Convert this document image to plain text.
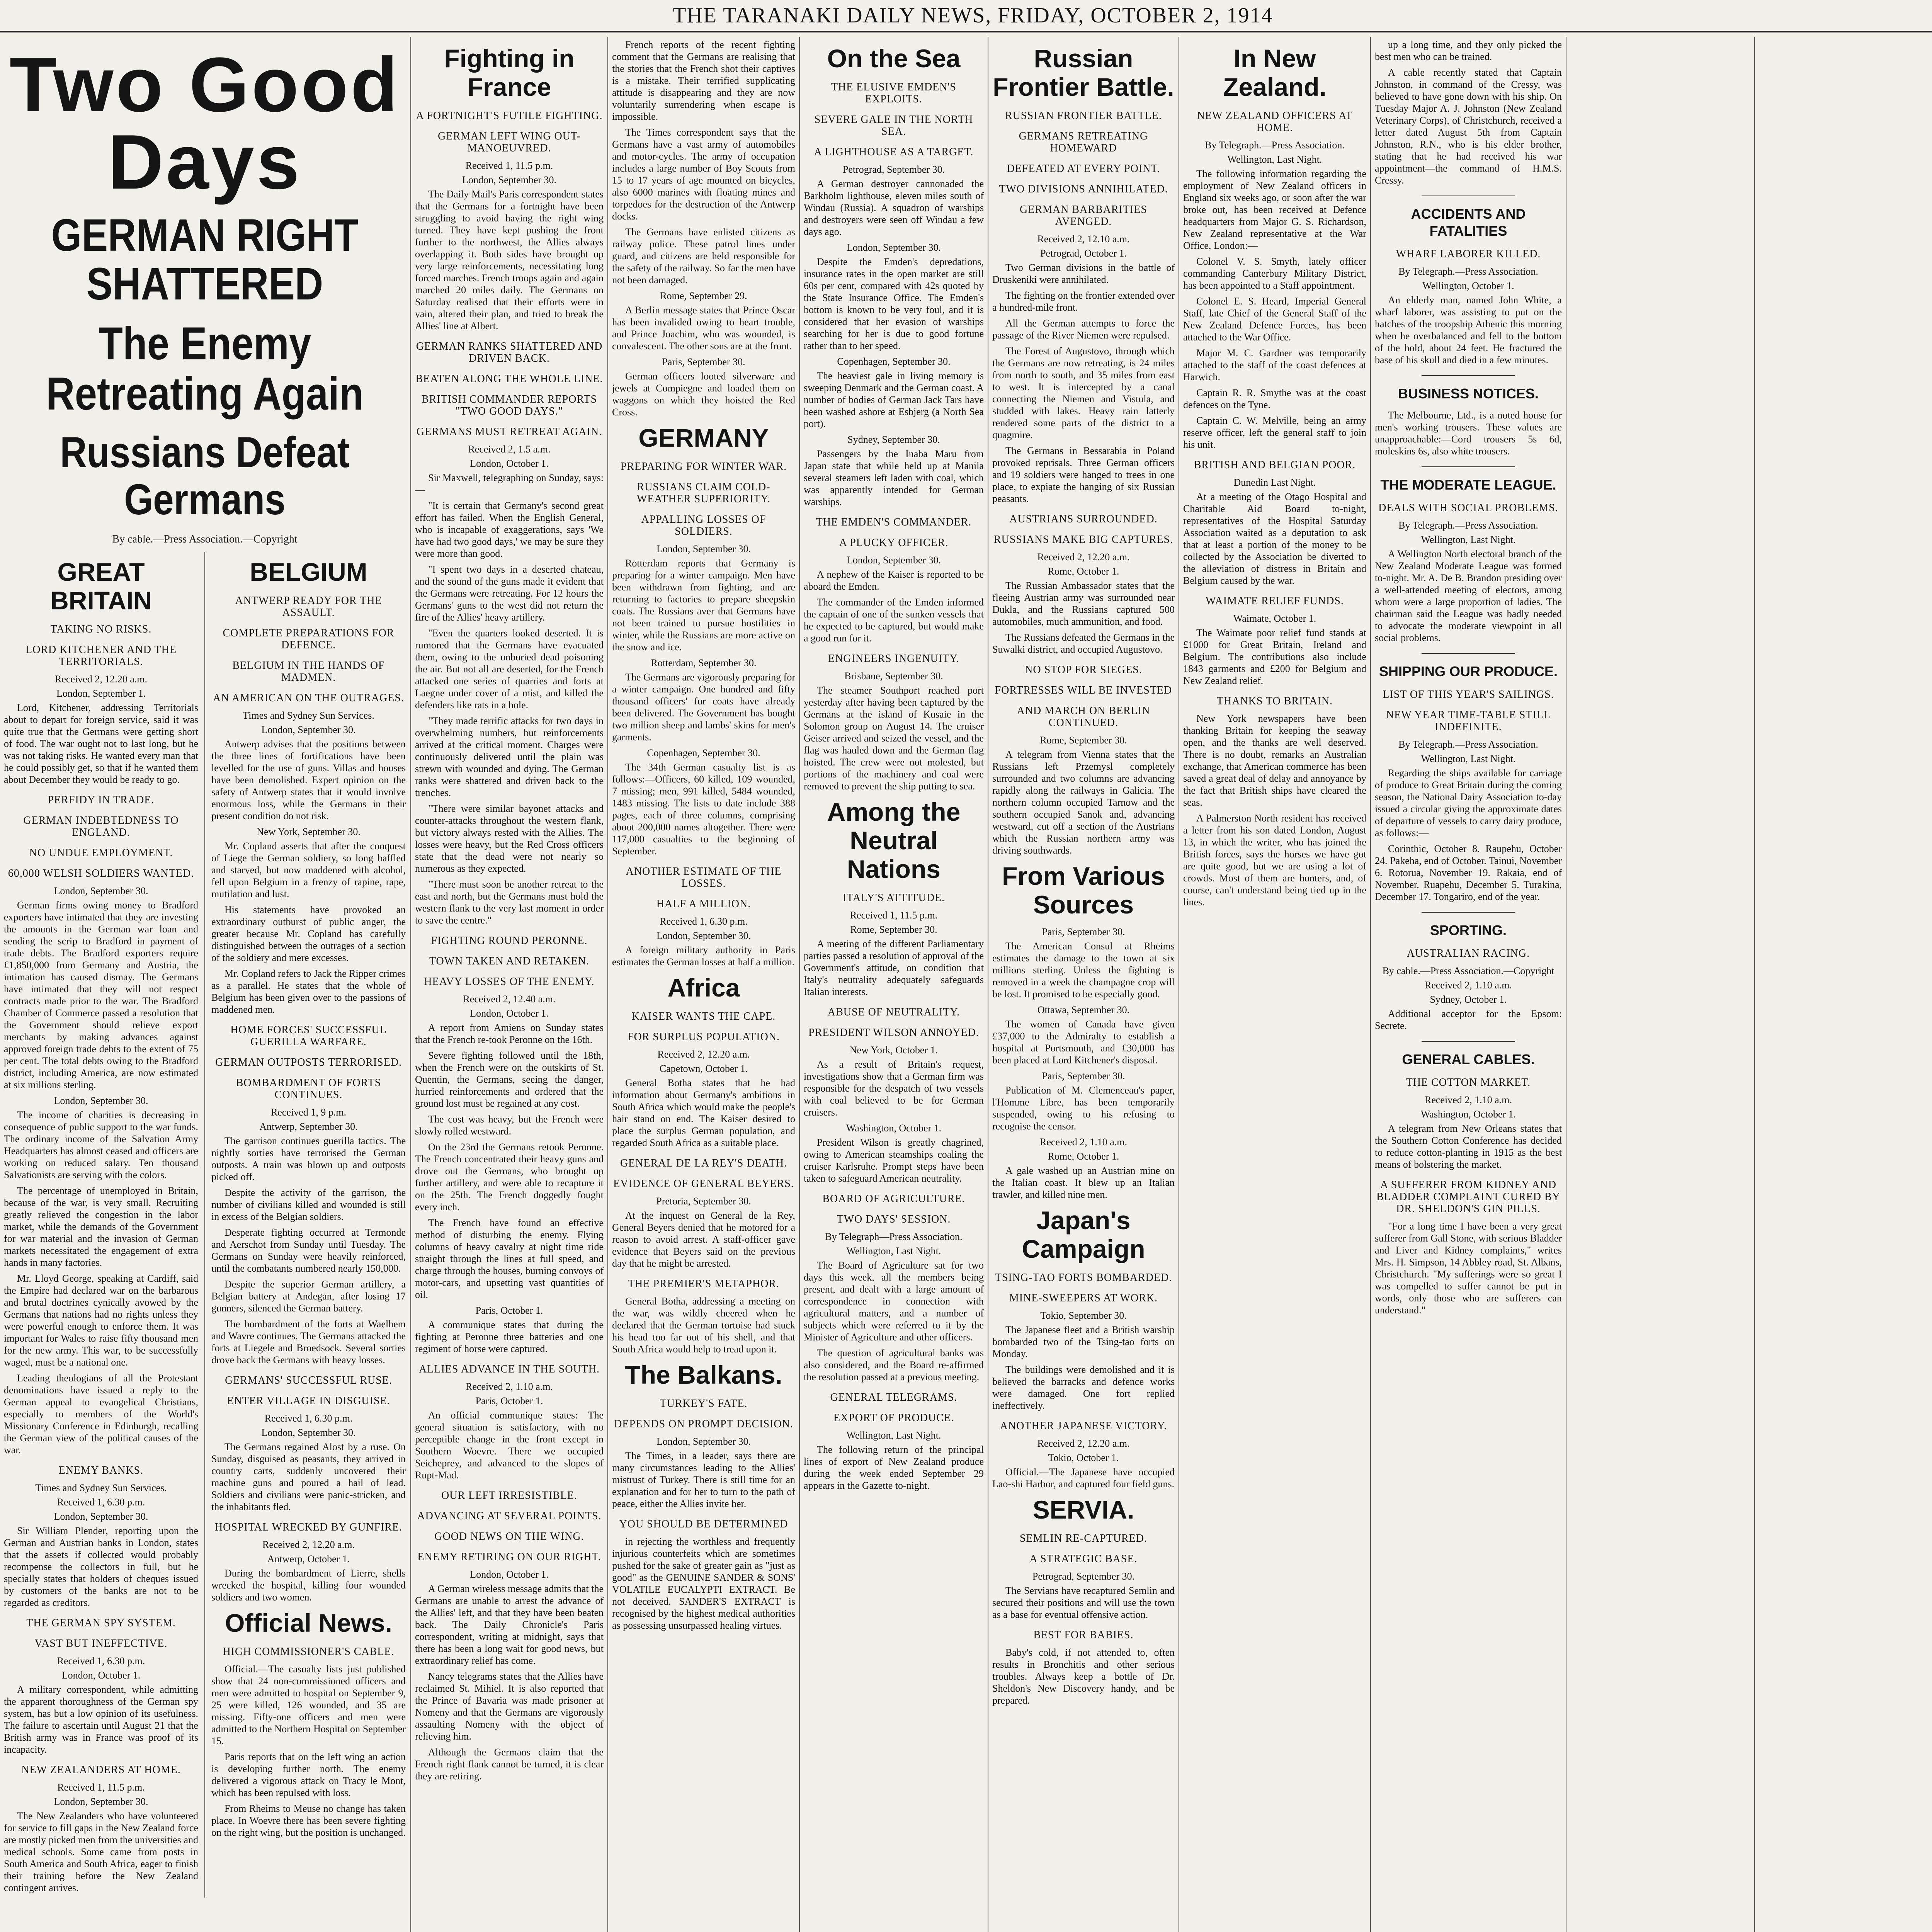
THE TARANAKI DAILY NEWS, FRIDAY, OCTOBER 2, 1914
Two Good Days
GERMAN RIGHT SHATTERED
The Enemy Retreating Again
Russians Defeat Germans
By cable.—Press Association.—Copyright
GREAT BRITAIN
TAKING NO RISKS.
LORD KITCHENER AND THE TERRITORIALS.
Received 2, 12.20 a.m.
London, September 1.

Lord, Kitchener, addressing Territorials about to depart for foreign service, said it was quite true that the Germans were getting short of food. The war ought not to last long, but he was not taking risks. He wanted every man that he could possibly get, so that if he wanted them about December they would be ready to go.

PERFIDY IN TRADE.
GERMAN INDEBTEDNESS TO ENGLAND.
NO UNDUE EMPLOYMENT.
60,000 WELSH SOLDIERS WANTED.
London, September 30.

German firms owing money to Bradford exporters have intimated that they are investing the amounts in the German war loan and sending the scrip to Bradford in payment of trade debts. The Bradford exporters require £1,850,000 from Germany and Austria, the intimation has caused dismay. The Germans have intimated that they will not respect contracts made prior to the war. The Bradford Chamber of Commerce passed a resolution that the Government should relieve export merchants by making advances against approved foreign trade debts to the extent of 75 per cent. The total debts owing to the Bradford district, including America, are now estimated at six millions sterling.

London, September 30.

The income of charities is decreasing in consequence of public support to the war funds. The ordinary income of the Salvation Army Headquarters has almost ceased and officers are working on reduced salary. Ten thousand Salvationists are serving with the colors.

The percentage of unemployed in Britain, because of the war, is very small. Recruiting greatly relieved the congestion in the labor market, while the demands of the Government for war material and the invasion of German markets necessitated the engagement of extra hands in many factories.

Mr. Lloyd George, speaking at Cardiff, said the Empire had declared war on the barbarous and brutal doctrines cynically avowed by the Germans that nations had no rights unless they were powerful enough to enforce them. It was important for Wales to raise fifty thousand men for the new army. This war, to be successfully waged, must be a national one.

Leading theologians of all the Protestant denominations have issued a reply to the German appeal to evangelical Christians, especially to members of the World's Missionary Conference in Edinburgh, recalling the German view of the political causes of the war.

ENEMY BANKS.
Times and Sydney Sun Services.
Received 1, 6.30 p.m.
London, September 30.

Sir William Plender, reporting upon the German and Austrian banks in London, states that the assets if collected would probably recompense the collectors in full, but he specially states that holders of cheques issued by customers of the banks are not to be regarded as creditors.

THE GERMAN SPY SYSTEM.
VAST BUT INEFFECTIVE.
Received 1, 6.30 p.m.
London, October 1.

A military correspondent, while admitting the apparent thoroughness of the German spy system, has but a low opinion of its usefulness. The failure to ascertain until August 21 that the British army was in France was proof of its incapacity.

NEW ZEALANDERS AT HOME.
Received 1, 11.5 p.m.
London, September 30.

The New Zealanders who have volunteered for service to fill gaps in the New Zealand force are mostly picked men from the universities and medical schools. Some came from posts in South America and South Africa, eager to finish their training before the New Zealand contingent arrives.

BELGIUM
ANTWERP READY FOR THE ASSAULT.
COMPLETE PREPARATIONS FOR DEFENCE.
BELGIUM IN THE HANDS OF MADMEN.
AN AMERICAN ON THE OUTRAGES.
Times and Sydney Sun Services.
London, September 30.

Antwerp advises that the positions between the three lines of fortifications have been levelled for the use of guns. Villas and houses have been demolished. Expert opinion on the safety of Antwerp states that it would involve enormous loss, while the Germans in their present condition do not risk.

New York, September 30.

Mr. Copland asserts that after the conquest of Liege the German soldiery, so long baffled and starved, but now maddened with alcohol, fell upon Belgium in a frenzy of rapine, rape, mutilation and lust.

His statements have provoked an extraordinary outburst of public anger, the greater because Mr. Copland has carefully distinguished between the outrages of a section of the soldiery and mere excesses.

Mr. Copland refers to Jack the Ripper crimes as a parallel. He states that the whole of Belgium has been given over to the passions of maddened men.

HOME FORCES' SUCCESSFUL GUERILLA WARFARE.
GERMAN OUTPOSTS TERRORISED.
BOMBARDMENT OF FORTS CONTINUES.
Received 1, 9 p.m.
Antwerp, September 30.

The garrison continues guerilla tactics. The nightly sorties have terrorised the German outposts. A train was blown up and outposts picked off.

Despite the activity of the garrison, the number of civilians killed and wounded is still in excess of the Belgian soldiers.

Desperate fighting occurred at Termonde and Aerschot from Sunday until Tuesday. The Germans on Sunday were heavily reinforced, until the combatants numbered nearly 150,000.

Despite the superior German artillery, a Belgian battery at Andegan, after losing 17 gunners, silenced the German battery.

The bombardment of the forts at Waelhem and Wavre continues. The Germans attacked the forts at Liegele and Broedsock. Several sorties drove back the Germans with heavy losses.

GERMANS' SUCCESSFUL RUSE.
ENTER VILLAGE IN DISGUISE.
Received 1, 6.30 p.m.
London, September 30.

The Germans regained Alost by a ruse. On Sunday, disguised as peasants, they arrived in country carts, suddenly uncovered their machine guns and poured a hail of lead. Soldiers and civilians were panic-stricken, and the inhabitants fled.

HOSPITAL WRECKED BY GUNFIRE.
Received 2, 12.20 a.m.
Antwerp, October 1.

During the bombardment of Lierre, shells wrecked the hospital, killing four wounded soldiers and two women.

Official News.
HIGH COMMISSIONER'S CABLE.

Official.—The casualty lists just published show that 24 non-commissioned officers and men were admitted to hospital on September 9, 25 were killed, 126 wounded, and 35 are missing. Fifty-one officers and men were admitted to the Northern Hospital on September 15.

Paris reports that on the left wing an action is developing further north. The enemy delivered a vigorous attack on Tracy le Mont, which has been repulsed with loss.

From Rheims to Meuse no change has taken place. In Woevre there has been severe fighting on the right wing, but the position is unchanged.

Fighting in France
A FORTNIGHT'S FUTILE FIGHTING.
GERMAN LEFT WING OUT-MANOEUVRED.
Received 1, 11.5 p.m.
London, September 30.

The Daily Mail's Paris correspondent states that the Germans for a fortnight have been struggling to avoid having the right wing turned. They have kept pushing the front further to the northwest, the Allies always overlapping it. Both sides have brought up very large reinforcements, necessitating long forced marches. French troops again and again marched 20 miles daily. The Germans on Saturday realised that their efforts were in vain, altered their plan, and tried to break the Allies' line at Albert.

GERMAN RANKS SHATTERED AND DRIVEN BACK.
BEATEN ALONG THE WHOLE LINE.
BRITISH COMMANDER REPORTS "TWO GOOD DAYS."
GERMANS MUST RETREAT AGAIN.
Received 2, 1.5 a.m.
London, October 1.

Sir Maxwell, telegraphing on Sunday, says:—

"It is certain that Germany's second great effort has failed. When the English General, who is incapable of exaggerations, says 'We have had two good days,' we may be sure they were more than good.

"I spent two days in a deserted chateau, and the sound of the guns made it evident that the Germans were retreating. For 12 hours the Germans' guns to the west did not return the fire of the Allies' heavy artillery.

"Even the quarters looked deserted. It is rumored that the Germans have evacuated them, owing to the unburied dead poisoning the air. But not all are deserted, for the French attacked one series of quarries and forts at Laegne under cover of a mist, and killed the defenders like rats in a hole.

"They made terrific attacks for two days in overwhelming numbers, but reinforcements arrived at the critical moment. Charges were continuously delivered until the plain was strewn with wounded and dying. The German ranks were shattered and driven back to the trenches.

"There were similar bayonet attacks and counter-attacks throughout the western flank, but victory always rested with the Allies. The losses were heavy, but the Red Cross officers state that the dead were not nearly so numerous as they expected.

"There must soon be another retreat to the east and north, but the Germans must hold the western flank to the very last moment in order to save the centre."

FIGHTING ROUND PERONNE.
TOWN TAKEN AND RETAKEN.
HEAVY LOSSES OF THE ENEMY.
Received 2, 12.40 a.m.
London, October 1.

A report from Amiens on Sunday states that the French re-took Peronne on the 16th.

Severe fighting followed until the 18th, when the French were on the outskirts of St. Quentin, the Germans, seeing the danger, hurried reinforcements and ordered that the ground lost must be regained at any cost.

The cost was heavy, but the French were slowly rolled westward.

On the 23rd the Germans retook Peronne. The French concentrated their heavy guns and drove out the Germans, who brought up further artillery, and were able to recapture it on the 25th. The French doggedly fought every inch.

The French have found an effective method of disturbing the enemy. Flying columns of heavy cavalry at night time ride straight through the lines at full speed, and charge through the houses, burning convoys of motor-cars, and upsetting vast quantities of oil.

Paris, October 1.

A communique states that during the fighting at Peronne three batteries and one regiment of horse were captured.

ALLIES ADVANCE IN THE SOUTH.
Received 2, 1.10 a.m.
Paris, October 1.

An official communique states: The general situation is satisfactory, with no perceptible change in the front except in Southern Woevre. There we occupied Seicheprey, and advanced to the slopes of Rupt-Mad.

OUR LEFT IRRESISTIBLE.
ADVANCING AT SEVERAL POINTS.
GOOD NEWS ON THE WING.
ENEMY RETIRING ON OUR RIGHT.
London, October 1.

A German wireless message admits that the Germans are unable to arrest the advance of the Allies' left, and that they have been beaten back. The Daily Chronicle's Paris correspondent, writing at midnight, says that there has been a long wait for good news, but extraordinary relief has come.

Nancy telegrams states that the Allies have reclaimed St. Mihiel. It is also reported that the Prince of Bavaria was made prisoner at Nomeny and that the Germans are vigorously assaulting Nomeny with the object of relieving him.

Although the Germans claim that the French right flank cannot be turned, it is clear they are retiring.

French reports of the recent fighting comment that the Germans are realising that the stories that the French shot their captives is a mistake. Their terrified supplicating attitude is disappearing and they are now voluntarily surrendering when escape is impossible.

The Times correspondent says that the Germans have a vast army of automobiles and motor-cycles. The army of occupation includes a large number of Boy Scouts from 15 to 17 years of age mounted on bicycles, also 6000 marines with floating mines and torpedoes for the destruction of the Antwerp docks.

The Germans have enlisted citizens as railway police. These patrol lines under guard, and citizens are held responsible for the safety of the railway. So far the men have not been damaged.

Rome, September 29.

A Berlin message states that Prince Oscar has been invalided owing to heart trouble, and Prince Joachim, who was wounded, is convalescent. The other sons are at the front.

Paris, September 30.

German officers looted silverware and jewels at Compiegne and loaded them on waggons on which they hoisted the Red Cross.

GERMANY
PREPARING FOR WINTER WAR.
RUSSIANS CLAIM COLD-WEATHER SUPERIORITY.
APPALLING LOSSES OF SOLDIERS.
London, September 30.

Rotterdam reports that Germany is preparing for a winter campaign. Men have been withdrawn from fighting, and are returning to factories to prepare sheepskin coats. The Russians aver that Germans have not been trained to pursue hostilities in winter, while the Russians are more active on the snow and ice.

Rotterdam, September 30.

The Germans are vigorously preparing for a winter campaign. One hundred and fifty thousand officers' fur coats have already been delivered. The Government has bought two million sheep and lambs' skins for men's garments.

Copenhagen, September 30.

The 34th German casualty list is as follows:—Officers, 60 killed, 109 wounded, 7 missing; men, 991 killed, 5484 wounded, 1483 missing. The lists to date include 388 pages, each of three columns, comprising about 200,000 names altogether. There were 117,000 casualties to the beginning of September.

ANOTHER ESTIMATE OF THE LOSSES.
HALF A MILLION.
Received 1, 6.30 p.m.
London, September 30.

A foreign military authority in Paris estimates the German losses at half a million.

Africa
KAISER WANTS THE CAPE.
FOR SURPLUS POPULATION.
Received 2, 12.20 a.m.
Capetown, October 1.

General Botha states that he had information about Germany's ambitions in South Africa which would make the people's hair stand on end. The Kaiser desired to place the surplus German population, and regarded South Africa as a suitable place.

GENERAL DE LA REY'S DEATH.
EVIDENCE OF GENERAL BEYERS.
Pretoria, September 30.

At the inquest on General de la Rey, General Beyers denied that he motored for a reason to avoid arrest. A staff-officer gave evidence that Beyers said on the previous day that he might be arrested.

THE PREMIER'S METAPHOR.

General Botha, addressing a meeting on the war, was wildly cheered when he declared that the German tortoise had stuck his head too far out of his shell, and that South Africa would help to tread upon it.

The Balkans.
TURKEY'S FATE.
DEPENDS ON PROMPT DECISION.
London, September 30.

The Times, in a leader, says there are many circumstances leading to the Allies' mistrust of Turkey. There is still time for an explanation and for her to turn to the path of peace, either the Allies invite her.

YOU SHOULD BE DETERMINED

in rejecting the worthless and frequently injurious counterfeits which are sometimes pushed for the sake of greater gain as "just as good" as the GENUINE SANDER & SONS' VOLATILE EUCALYPTI EXTRACT. Be not deceived. SANDER'S EXTRACT is recognised by the highest medical authorities as possessing unsurpassed healing virtues.

On the Sea
THE ELUSIVE EMDEN'S EXPLOITS.
SEVERE GALE IN THE NORTH SEA.
A LIGHTHOUSE AS A TARGET.
Petrograd, September 30.

A German destroyer cannonaded the Barkholm lighthouse, eleven miles south of Windau (Russia). A squadron of warships and destroyers were seen off Windau a few days ago.

London, September 30.

Despite the Emden's depredations, insurance rates in the open market are still 60s per cent, compared with 42s quoted by the State Insurance Office. The Emden's bottom is known to be very foul, and it is considered that her evasion of warships searching for her is due to good fortune rather than to her speed.

Copenhagen, September 30.

The heaviest gale in living memory is sweeping Denmark and the German coast. A number of bodies of German Jack Tars have been washed ashore at Esbjerg (a North Sea port).

Sydney, September 30.

Passengers by the Inaba Maru from Japan state that while held up at Manila several steamers left laden with coal, which was apparently intended for German warships.

THE EMDEN'S COMMANDER.
A PLUCKY OFFICER.
London, September 30.

A nephew of the Kaiser is reported to be aboard the Emden.

The commander of the Emden informed the captain of one of the sunken vessels that he expected to be captured, but would make a good run for it.

ENGINEERS INGENUITY.
Brisbane, September 30.

The steamer Southport reached port yesterday after having been captured by the Germans at the island of Kusaie in the Solomon group on August 14. The cruiser Geiser arrived and seized the vessel, and the flag was hauled down and the German flag hoisted. The crew were not molested, but portions of the machinery and coal were removed to prevent the ship putting to sea.

Among the Neutral Nations
ITALY'S ATTITUDE.
Received 1, 11.5 p.m.
Rome, September 30.

A meeting of the different Parliamentary parties passed a resolution of approval of the Government's attitude, on condition that Italy's neutrality adequately safeguards Italian interests.

ABUSE OF NEUTRALITY.
PRESIDENT WILSON ANNOYED.
New York, October 1.

As a result of Britain's request, investigations show that a German firm was responsible for the despatch of two vessels with coal believed to be for German cruisers.

Washington, October 1.

President Wilson is greatly chagrined, owing to American steamships coaling the cruiser Karlsruhe. Prompt steps have been taken to safeguard American neutrality.

BOARD OF AGRICULTURE.
TWO DAYS' SESSION.
By Telegraph—Press Association.
Wellington, Last Night.

The Board of Agriculture sat for two days this week, all the members being present, and dealt with a large amount of correspondence in connection with agricultural matters, and a number of subjects which were referred to it by the Minister of Agriculture and other officers.

The question of agricultural banks was also considered, and the Board re-affirmed the resolution passed at a previous meeting.

GENERAL TELEGRAMS.
EXPORT OF PRODUCE.
Wellington, Last Night.

The following return of the principal lines of export of New Zealand produce during the week ended September 29 appears in the Gazette to-night.

Russian Frontier Battle.
RUSSIAN FRONTIER BATTLE.
GERMANS RETREATING HOMEWARD
DEFEATED AT EVERY POINT.
TWO DIVISIONS ANNIHILATED.
GERMAN BARBARITIES AVENGED.
Received 2, 12.10 a.m.
Petrograd, October 1.

Two German divisions in the battle of Druskeniki were annihilated.

The fighting on the frontier extended over a hundred-mile front.

All the German attempts to force the passage of the River Niemen were repulsed.

The Forest of Augustovo, through which the Germans are now retreating, is 24 miles from north to south, and 35 miles from east to west. It is intercepted by a canal connecting the Niemen and Vistula, and studded with lakes. Heavy rain latterly rendered some parts of the district to a quagmire.

The Germans in Bessarabia in Poland provoked reprisals. Three German officers and 19 soldiers were hanged to trees in one place, to expiate the hanging of six Russian peasants.

AUSTRIANS SURROUNDED.
RUSSIANS MAKE BIG CAPTURES.
Received 2, 12.20 a.m.
Rome, October 1.

The Russian Ambassador states that the fleeing Austrian army was surrounded near Dukla, and the Russians captured 500 automobiles, much ammunition, and food.

The Russians defeated the Germans in the Suwalki district, and occupied Augustovo.

NO STOP FOR SIEGES.
FORTRESSES WILL BE INVESTED
AND MARCH ON BERLIN CONTINUED.
Rome, September 30.

A telegram from Vienna states that the Russians left Przemysl completely surrounded and two columns are advancing rapidly along the railways in Galicia. The northern column occupied Tarnow and the southern occupied Sanok and, advancing westward, cut off a section of the Austrians which the Russian northern army was driving southwards.

From Various Sources
Paris, September 30.

The American Consul at Rheims estimates the damage to the town at six millions sterling. Unless the fighting is removed in a week the champagne crop will be lost. It promised to be especially good.

Ottawa, September 30.

The women of Canada have given £37,000 to the Admiralty to establish a hospital at Portsmouth, and £30,000 has been placed at Lord Kitchener's disposal.

Paris, September 30.

Publication of M. Clemenceau's paper, l'Homme Libre, has been temporarily suspended, owing to his refusing to recognise the censor.

Received 2, 1.10 a.m.
Rome, October 1.

A gale washed up an Austrian mine on the Italian coast. It blew up an Italian trawler, and killed nine men.

Japan's Campaign
TSING-TAO FORTS BOMBARDED.
MINE-SWEEPERS AT WORK.
Tokio, September 30.

The Japanese fleet and a British warship bombarded two of the Tsing-tao forts on Monday.

The buildings were demolished and it is believed the barracks and defence works were damaged. One fort replied ineffectively.

ANOTHER JAPANESE VICTORY.
Received 2, 12.20 a.m.
Tokio, October 1.

Official.—The Japanese have occupied Lao-shi Harbor, and captured four field guns.

SERVIA.
SEMLIN RE-CAPTURED.
A STRATEGIC BASE.
Petrograd, September 30.

The Servians have recaptured Semlin and secured their positions and will use the town as a base for eventual offensive action.

BEST FOR BABIES.

Baby's cold, if not attended to, often results in Bronchitis and other serious troubles. Always keep a bottle of Dr. Sheldon's New Discovery handy, and be prepared.

In New Zealand.
NEW ZEALAND OFFICERS AT HOME.
By Telegraph.—Press Association.
Wellington, Last Night.

The following information regarding the employment of New Zealand officers in England six weeks ago, or soon after the war broke out, has been received at Defence headquarters from Major G. S. Richardson, New Zealand representative at the War Office, London:—

Colonel V. S. Smyth, lately officer commanding Canterbury Military District, has been appointed to a Staff appointment.

Colonel E. S. Heard, Imperial General Staff, late Chief of the General Staff of the New Zealand Defence Forces, has been attached to the War Office.

Major M. C. Gardner was temporarily attached to the staff of the coast defences at Harwich.

Captain R. R. Smythe was at the coast defences on the Tyne.

Captain C. W. Melville, being an army reserve officer, left the general staff to join his unit.

BRITISH AND BELGIAN POOR.
Dunedin Last Night.

At a meeting of the Otago Hospital and Charitable Aid Board to-night, representatives of the Hospital Saturday Association waited as a deputation to ask that at least a portion of the money to be collected by the Association be diverted to the alleviation of distress in Britain and Belgium caused by the war.

WAIMATE RELIEF FUNDS.
Waimate, October 1.

The Waimate poor relief fund stands at £1000 for Great Britain, Ireland and Belgium. The contributions also include 1843 garments and £200 for Belgium and New Zealand relief.

THANKS TO BRITAIN.

New York newspapers have been thanking Britain for keeping the seaway open, and the thanks are well deserved. There is no doubt, remarks an Australian exchange, that American commerce has been saved a great deal of delay and annoyance by the fact that British ships have cleared the seas.

A Palmerston North resident has received a letter from his son dated London, August 13, in which the writer, who has joined the British forces, says the horses we have got are quite good, but we are using a lot of crowds. Most of them are hunters, and, of course, can't understand being tied up in the lines.

up a long time, and they only picked the best men who can be trained.

A cable recently stated that Captain Johnston, in command of the Cressy, was believed to have gone down with his ship. On Tuesday Major A. J. Johnston (New Zealand Veterinary Corps), of Christchurch, received a letter dated August 5th from Captain Johnston, R.N., who is his elder brother, stating that he had received his war appointment—the command of H.M.S. Cressy.

ACCIDENTS AND FATALITIES
WHARF LABORER KILLED.
By Telegraph.—Press Association.
Wellington, October 1.

An elderly man, named John White, a wharf laborer, was assisting to put on the hatches of the troopship Athenic this morning when he overbalanced and fell to the bottom of the hold, about 24 feet. He fractured the base of his skull and died in a few minutes.

BUSINESS NOTICES.

The Melbourne, Ltd., is a noted house for men's working trousers. These values are unapproachable:—Cord trousers 5s 6d, moleskins 6s, also white trousers.

THE MODERATE LEAGUE.
DEALS WITH SOCIAL PROBLEMS.
By Telegraph.—Press Association.
Wellington, Last Night.

A Wellington North electoral branch of the New Zealand Moderate League was formed to-night. Mr. A. De B. Brandon presiding over a well-attended meeting of electors, among whom were a large proportion of ladies. The chairman said the League was badly needed to advocate the moderate viewpoint in all social problems.

SHIPPING OUR PRODUCE.
LIST OF THIS YEAR'S SAILINGS.
NEW YEAR TIME-TABLE STILL INDEFINITE.
By Telegraph.—Press Association.
Wellington, Last Night.

Regarding the ships available for carriage of produce to Great Britain during the coming season, the National Dairy Association to-day issued a circular giving the approximate dates of departure of vessels to carry dairy produce, as follows:—

Corinthic, October 8. Raupehu, October 24. Pakeha, end of October. Tainui, November 6. Rotorua, November 19. Rakaia, end of November. Ruapehu, December 5. Turakina, December 17. Tongariro, end of the year.

SPORTING.
AUSTRALIAN RACING.
By cable.—Press Association.—Copyright
Received 2, 1.10 a.m.
Sydney, October 1.

Additional acceptor for the Epsom: Secrete.

GENERAL CABLES.
THE COTTON MARKET.
Received 2, 1.10 a.m.
Washington, October 1.

A telegram from New Orleans states that the Southern Cotton Conference has decided to reduce cotton-planting in 1915 as the best means of bolstering the market.

A SUFFERER FROM KIDNEY AND BLADDER COMPLAINT CURED BY DR. SHELDON'S GIN PILLS.

"For a long time I have been a very great sufferer from Gall Stone, with serious Bladder and Liver and Kidney complaints," writes Mrs. H. Simpson, 14 Abbley road, St. Albans, Christchurch. "My sufferings were so great I was compelled to suffer cannot be put in words, only those who are sufferers can understand."
